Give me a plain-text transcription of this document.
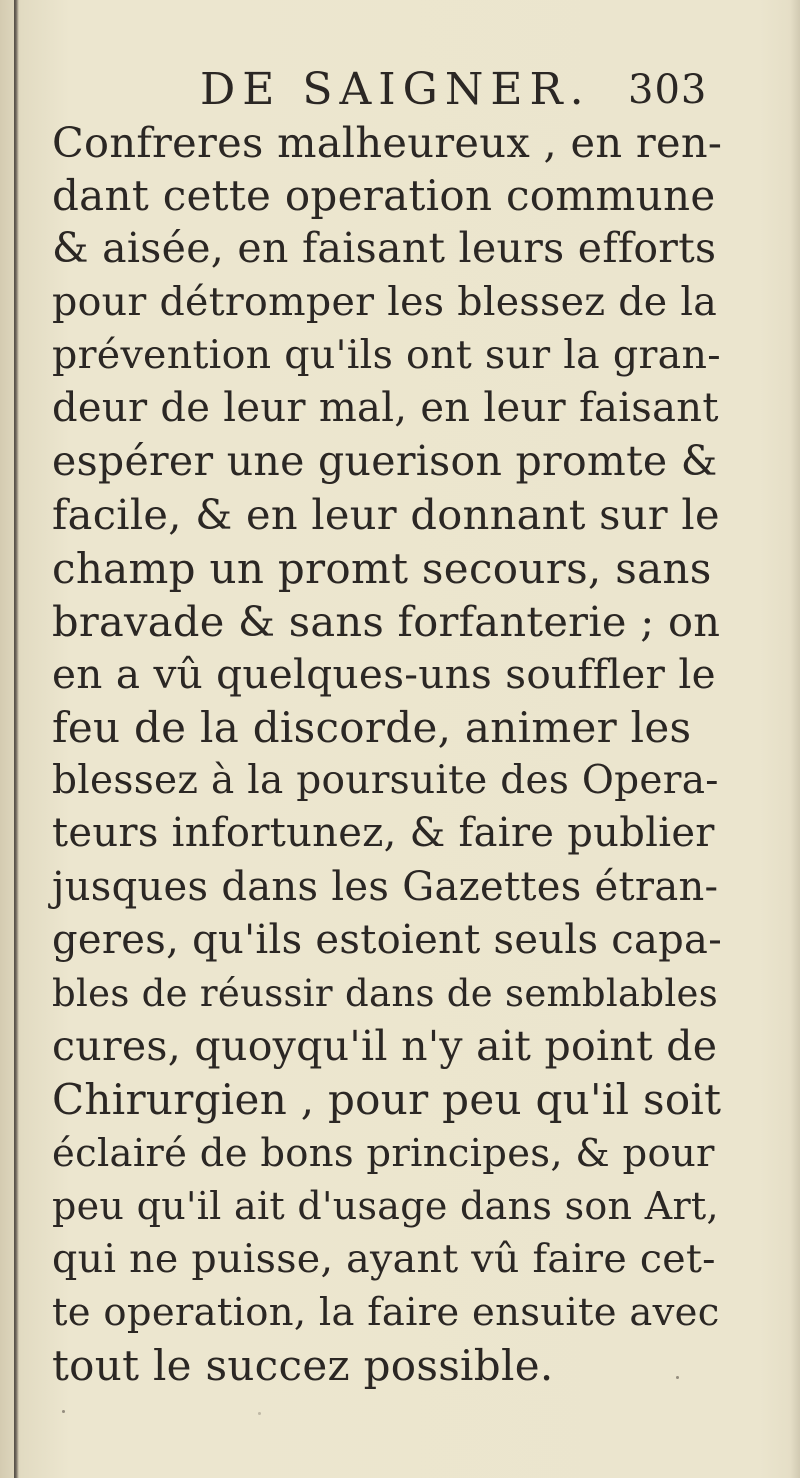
DE SAIGNER. 303
Confreres malheureux , en ren-
dant cette operation commune
& aisée, en faisant leurs efforts
pour détromper les blessez de la
prévention qu'ils ont sur la gran-
deur de leur mal, en leur faisant
espérer une guerison promte &
facile, & en leur donnant sur le
champ un promt secours, sans
bravade & sans forfanterie ; on
en a vû quelques-uns souffler le
feu de la discorde, animer les
blessez à la poursuite des Opera-
teurs infortunez, & faire publier
jusques dans les Gazettes étran-
geres, qu'ils estoient seuls capa-
bles de réussir dans de semblables
cures, quoyqu'il n'y ait point de
Chirurgien , pour peu qu'il soit
éclairé de bons principes, & pour
peu qu'il ait d'usage dans son Art,
qui ne puisse, ayant vû faire cet-
te operation, la faire ensuite avec
tout le succez possible.
